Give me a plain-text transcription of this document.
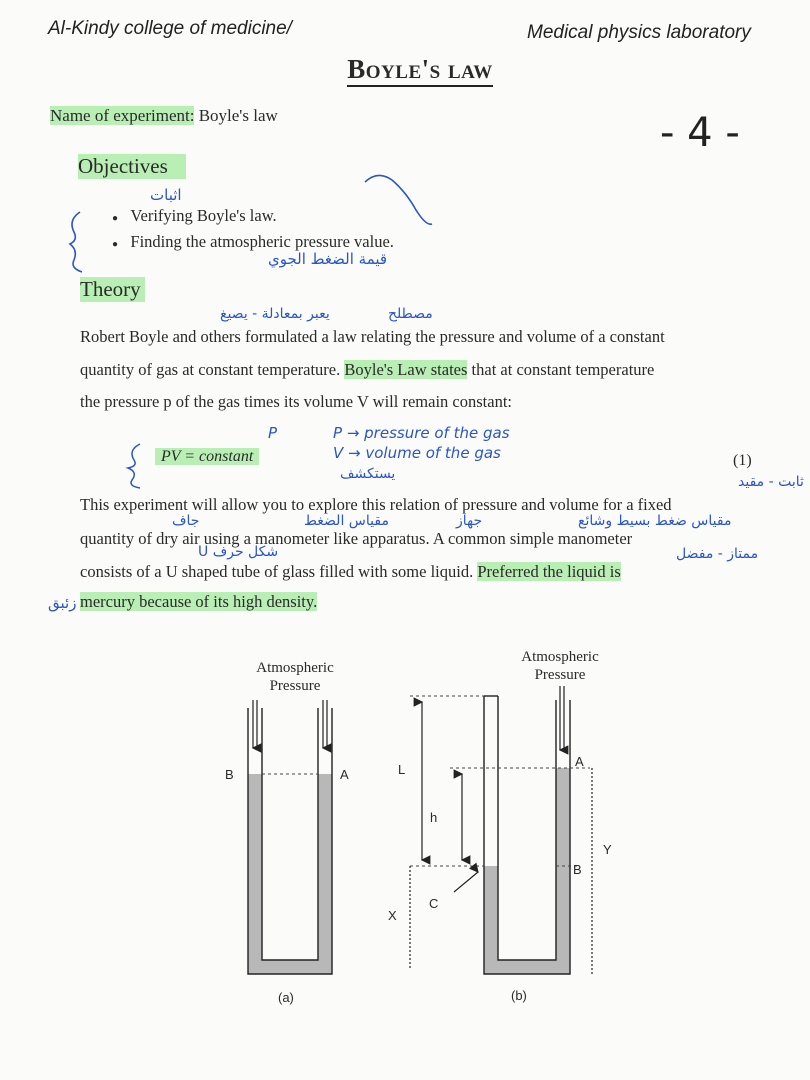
Al-Kindy college of medicine/	Medical physics laboratory
Boyle's law
- 4 -
Name of experiment: Boyle's law
Objectives
اثبات
● Verifying Boyle's law.
● Finding the atmospheric pressure value.
قيمة الضغط الجوي
Theory
مصطلح
يعبر بمعادلة - يصيغ
Robert Boyle and others formulated a law relating the pressure and volume of a constant
quantity of gas at constant temperature. Boyle's Law states that at constant temperature
the pressure p of the gas times its volume V will remain constant:
PV = constant	(1)
P	P → pressure of the gas
V → volume of the gas
يستكشف	ثابت - مقيد
This experiment will allow you to explore this relation of pressure and volume for a fixed
جاف	مقياس الضغط	جهاز	مقياس ضغط بسيط وشائع
quantity of dry air using a manometer like apparatus. A common simple manometer
شكل حرف U	ممتاز - مفضل
consists of a U shaped tube of glass filled with some liquid. Preferred the liquid is
زئبق mercury because of its high density.
Atmospheric
Pressure
B	A
(a)
Atmospheric
Pressure
L
h
X
C
A
B
Y
(b)
